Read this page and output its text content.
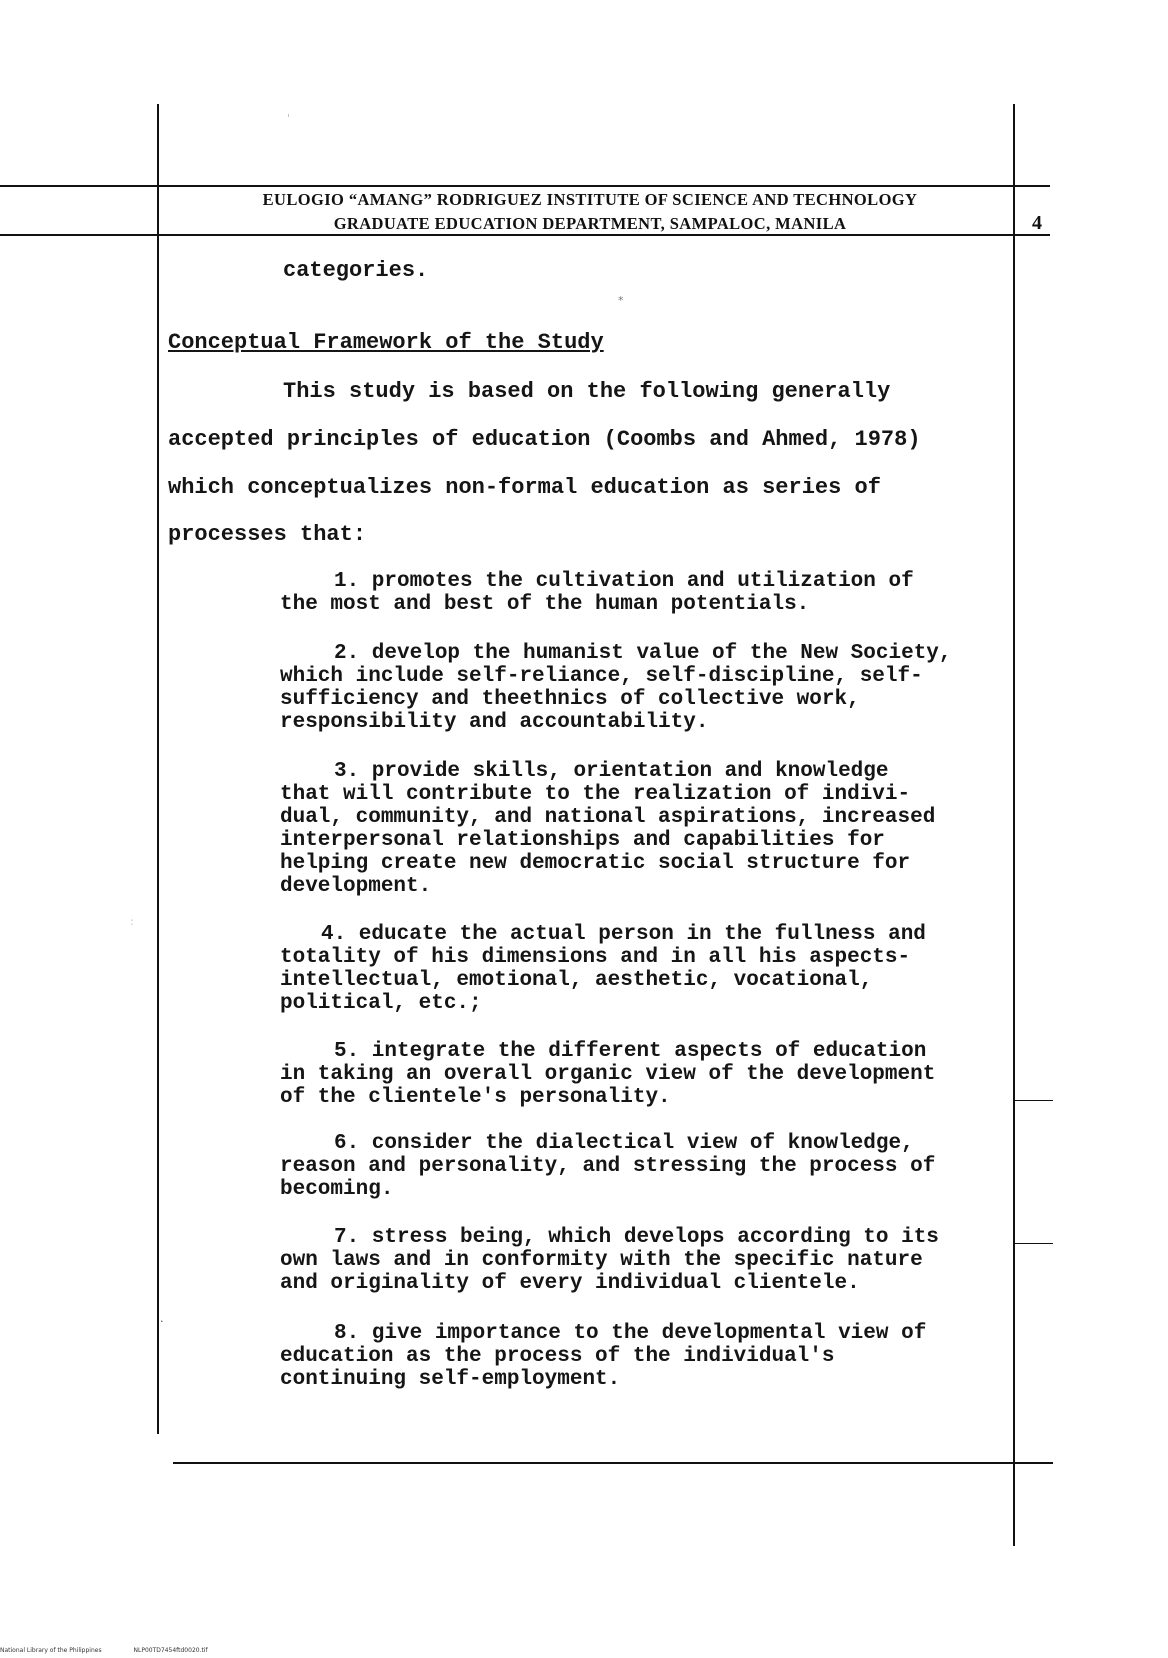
EULOGIO “AMANG” RODRIGUEZ INSTITUTE OF SCIENCE AND TECHNOLOGY
GRADUATE EDUCATION DEPARTMENT, SAMPALOC, MANILA	4
categories.
Conceptual Framework of the Study
This study is based on the following generally
accepted principles of education (Coombs and Ahmed, 1978)
which conceptualizes non-formal education as series of
processes that:
1. promotes the cultivation and utilization of
the most and best of the human potentials.
2. develop the humanist value of the New Society,
which include self-reliance, self-discipline, self-
sufficiency and theethnics of collective work,
responsibility and accountability.
3. provide skills, orientation and knowledge
that will contribute to the realization of indivi-
dual, community, and national aspirations, increased
interpersonal relationships and capabilities for
helping create new democratic social structure for
development.
4. educate the actual person in the fullness and
totality of his dimensions and in all his aspects-
intellectual, emotional, aesthetic, vocational,
political, etc.;
5. integrate the different aspects of education
in taking an overall organic view of the development
of the clientele's personality.
6. consider the dialectical view of knowledge,
reason and personality, and stressing the process of
becoming.
7. stress being, which develops according to its
own laws and in conformity with the specific nature
and originality of every individual clientele.
8. give importance to the developmental view of
education as the process of the individual's
continuing self-employment.
'
*
:
.
National Library of the Philippines	NLP00TD7454ftd0020.tif
